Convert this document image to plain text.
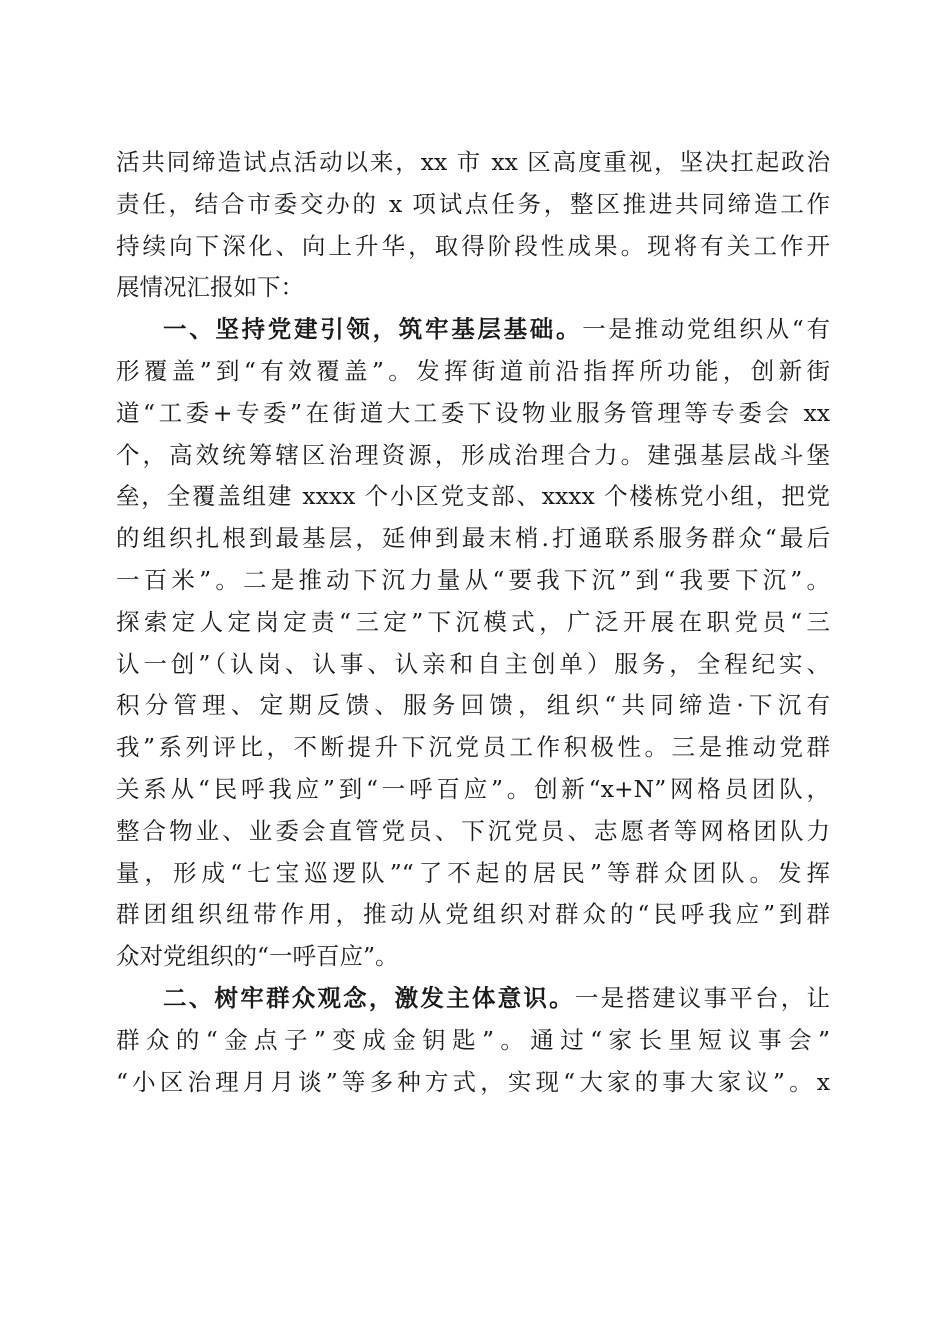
活共同缔造试点活动以来，xx 市 xx 区高度重视，坚决扛起政治
责任，结合市委交办的 x 项试点任务，整区推进共同缔造工作
持续向下深化、向上升华，取得阶段性成果。现将有关工作开
展情况汇报如下：
一、坚持党建引领，筑牢基层基础。一是推动党组织从“有
形覆盖”到“有效覆盖”。发挥街道前沿指挥所功能，创新街
道“工委+专委”在街道大工委下设物业服务管理等专委会 xx
个，高效统筹辖区治理资源，形成治理合力。建强基层战斗堡
垒，全覆盖组建 xxxx 个小区党支部、xxxx 个楼栋党小组，把党
的组织扎根到最基层，延伸到最末梢.打通联系服务群众“最后
一百米”。二是推动下沉力量从“要我下沉”到“我要下沉”。
探索定人定岗定责“三定”下沉模式，广泛开展在职党员“三
认一创”（认岗、认事、认亲和自主创单）服务，全程纪实、
积分管理、定期反馈、服务回馈，组织“共同缔造·下沉有
我”系列评比，不断提升下沉党员工作积极性。三是推动党群
关系从“民呼我应”到“一呼百应”。创新“x+N”网格员团队，
整合物业、业委会直管党员、下沉党员、志愿者等网格团队力
量，形成“七宝巡逻队”“了不起的居民”等群众团队。发挥
群团组织纽带作用，推动从党组织对群众的“民呼我应”到群
众对党组织的“一呼百应”。
二、树牢群众观念，激发主体意识。一是搭建议事平台，让
群众的“金点子”变成金钥匙”。通过“家长里短议事会”
“小区治理月月谈”等多种方式，实现“大家的事大家议”。x
